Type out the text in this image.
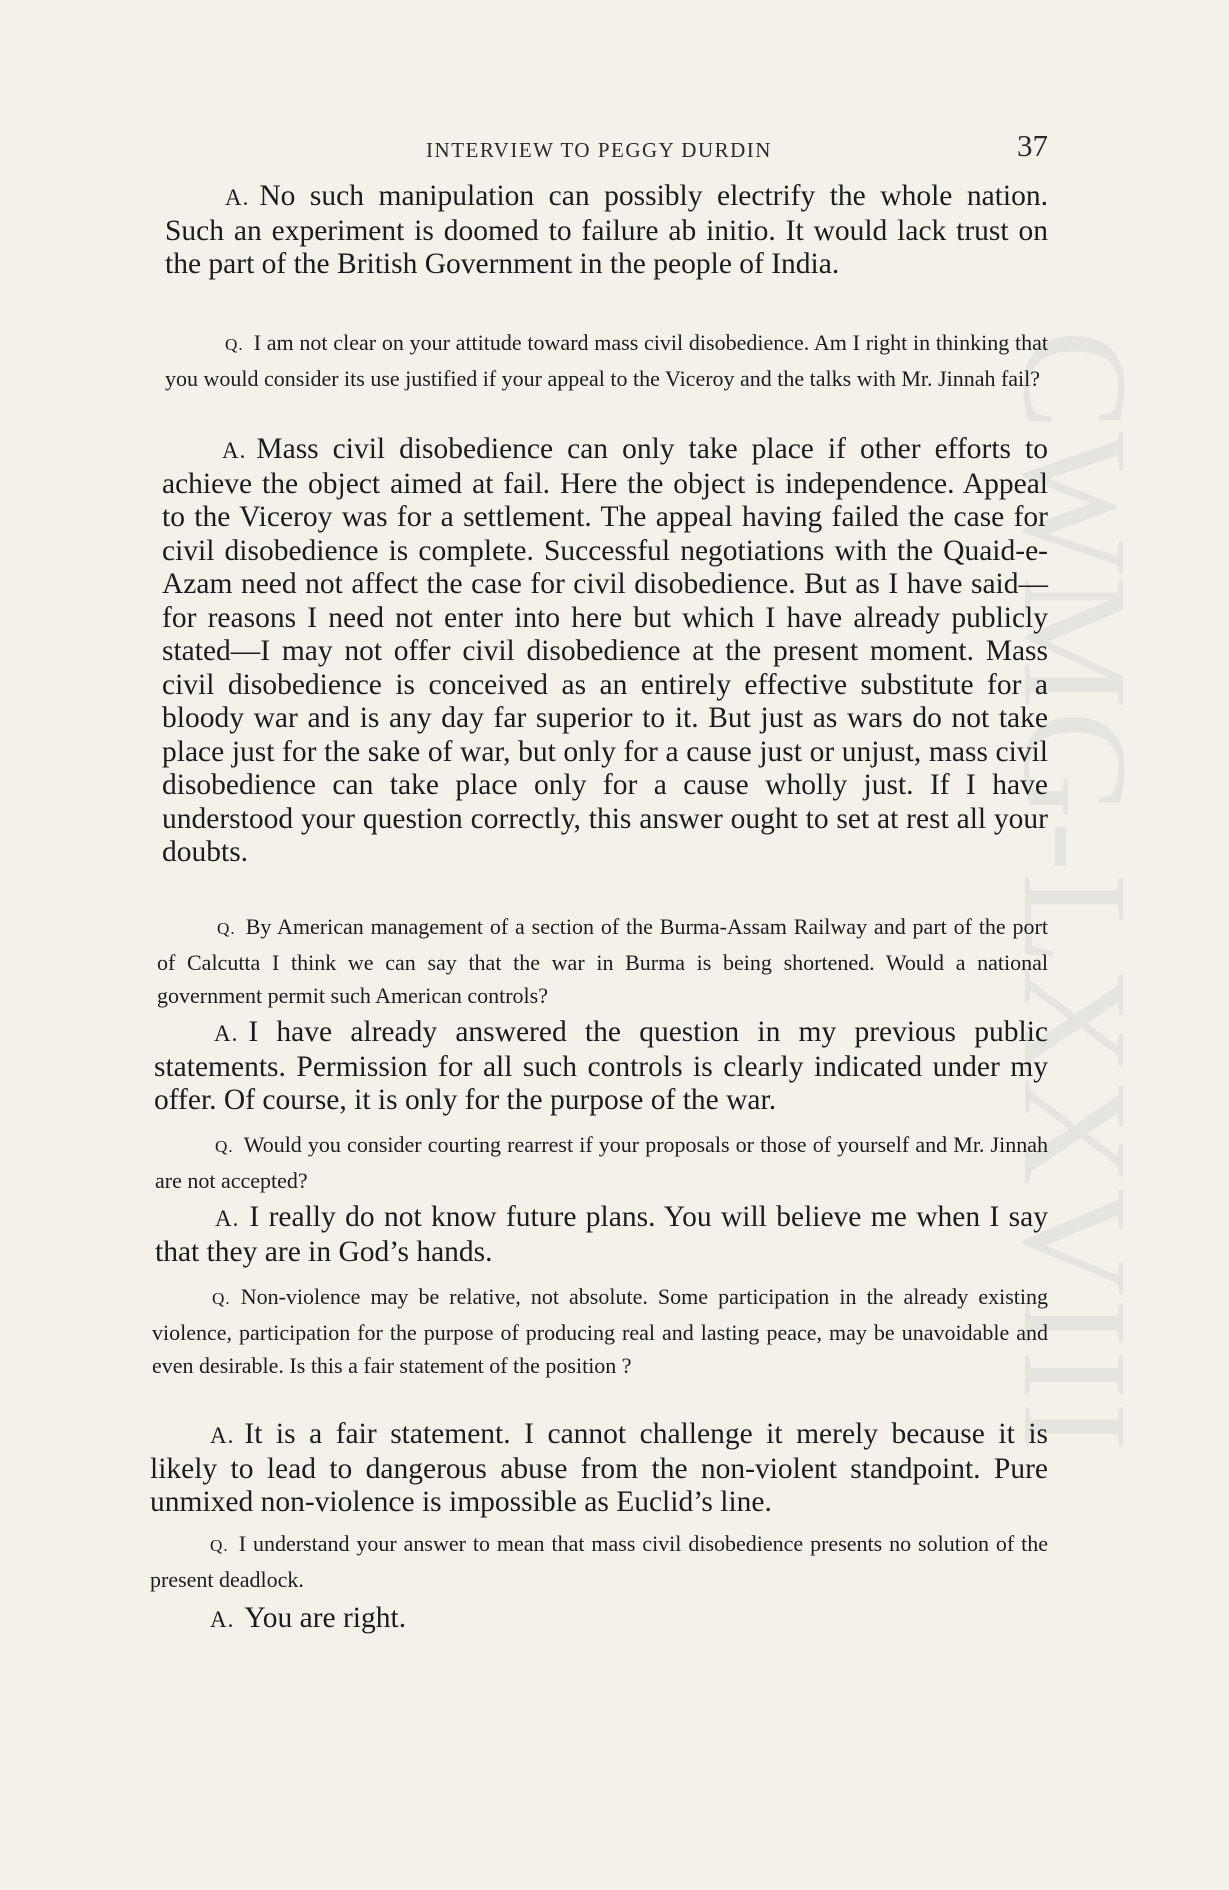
CWMG-LXXVIII
INTERVIEW TO PEGGY DURDIN	37

A. No such manipulation can possibly electrify the whole nation. Such an experiment is doomed to failure ab initio. It would lack trust on the part of the British Government in the people of India.

Q. I am not clear on your attitude toward mass civil disobedience. Am I right in thinking that you would consider its use justified if your appeal to the Viceroy and the talks with Mr. Jinnah fail?

A. Mass civil disobedience can only take place if other efforts to achieve the object aimed at fail. Here the object is independence. Appeal to the Viceroy was for a settlement. The appeal having failed the case for civil disobedience is complete. Successful negotiations with the Quaid-e-Azam need not affect the case for civil disobedience. But as I have said—for reasons I need not enter into here but which I have already publicly stated—I may not offer civil disobedience at the present moment. Mass civil disobedience is conceived as an entirely effective substitute for a bloody war and is any day far superior to it. But just as wars do not take place just for the sake of war, but only for a cause just or unjust, mass civil disobedience can take place only for a cause wholly just. If I have understood your question correctly, this answer ought to set at rest all your doubts.

Q. By American management of a section of the Burma-Assam Railway and part of the port of Calcutta I think we can say that the war in Burma is being shortened. Would a national government permit such American controls?

A. I have already answered the question in my previous public statements. Permission for all such controls is clearly indicated under my offer. Of course, it is only for the purpose of the war.

Q. Would you consider courting rearrest if your proposals or those of yourself and Mr. Jinnah are not accepted?

A. I really do not know future plans. You will believe me when I say that they are in God’s hands.

Q. Non-violence may be relative, not absolute. Some participation in the already existing violence, participation for the purpose of producing real and lasting peace, may be unavoidable and even desirable. Is this a fair statement of the position ?

A. It is a fair statement. I cannot challenge it merely because it is likely to lead to dangerous abuse from the non-violent standpoint. Pure unmixed non-violence is impossible as Euclid’s line.

Q. I understand your answer to mean that mass civil disobedience presents no solution of the present deadlock.

A. You are right.
